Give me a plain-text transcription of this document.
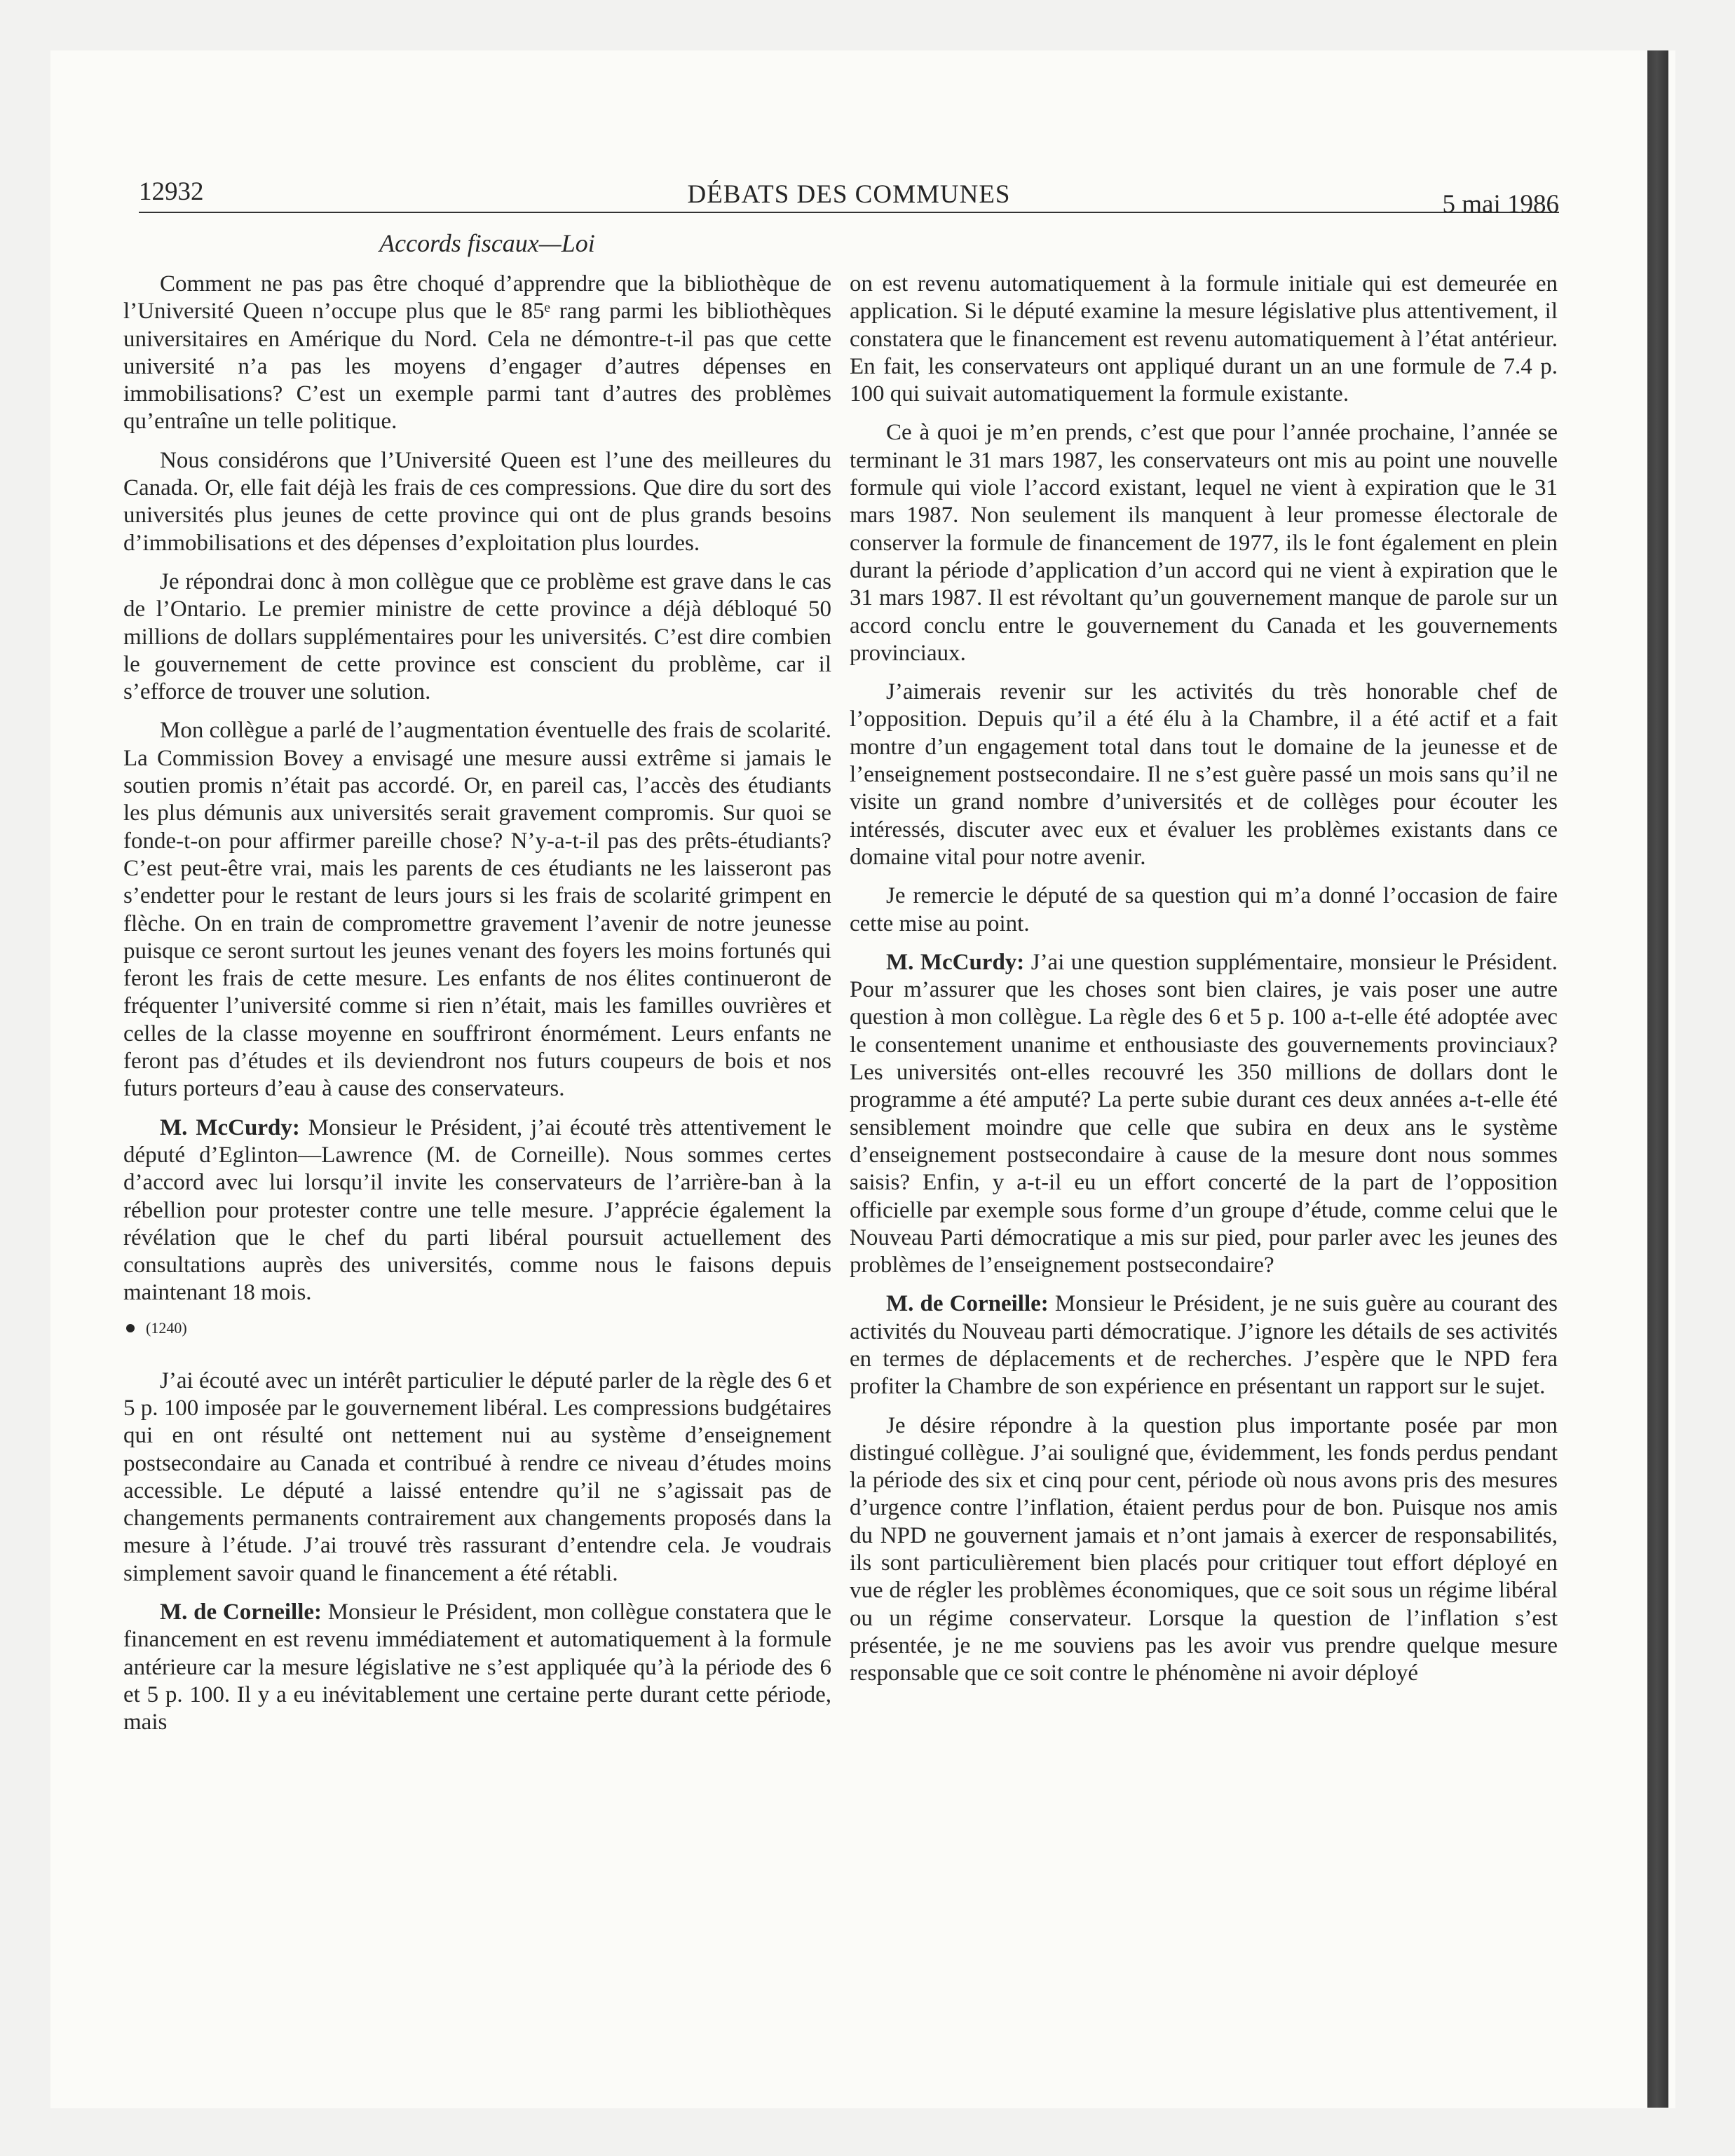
12932	DÉBATS DES COMMUNES	5 mai 1986
Accords fiscaux—Loi

Comment ne pas pas être choqué d’apprendre que la bibliothèque de l’Université Queen n’occupe plus que le 85ᵉ rang parmi les bibliothèques universitaires en Amérique du Nord. Cela ne démontre-t-il pas que cette université n’a pas les moyens d’engager d’autres dépenses en immobilisations? C’est un exemple parmi tant d’autres des problèmes qu’entraîne un telle politique.

Nous considérons que l’Université Queen est l’une des meilleures du Canada. Or, elle fait déjà les frais de ces compressions. Que dire du sort des universités plus jeunes de cette province qui ont de plus grands besoins d’immobilisations et des dépenses d’exploitation plus lourdes.

Je répondrai donc à mon collègue que ce problème est grave dans le cas de l’Ontario. Le premier ministre de cette province a déjà débloqué 50 millions de dollars supplémentaires pour les universités. C’est dire combien le gouvernement de cette province est conscient du problème, car il s’efforce de trouver une solution.

Mon collègue a parlé de l’augmentation éventuelle des frais de scolarité. La Commission Bovey a envisagé une mesure aussi extrême si jamais le soutien promis n’était pas accordé. Or, en pareil cas, l’accès des étudiants les plus démunis aux universités serait gravement compromis. Sur quoi se fonde-t-on pour affirmer pareille chose? N’y-a-t-il pas des prêts-étudiants? C’est peut-être vrai, mais les parents de ces étudiants ne les laisseront pas s’endetter pour le restant de leurs jours si les frais de scolarité grimpent en flèche. On en train de compromettre gravement l’avenir de notre jeunesse puisque ce seront surtout les jeunes venant des foyers les moins fortunés qui feront les frais de cette mesure. Les enfants de nos élites continueront de fréquenter l’université comme si rien n’était, mais les familles ouvrières et celles de la classe moyenne en souffriront énormément. Leurs enfants ne feront pas d’études et ils deviendront nos futurs coupeurs de bois et nos futurs porteurs d’eau à cause des conservateurs.

M. McCurdy: Monsieur le Président, j’ai écouté très attentivement le député d’Eglinton—Lawrence (M. de Corneille). Nous sommes certes d’accord avec lui lorsqu’il invite les conservateurs de l’arrière-ban à la rébellion pour protester contre une telle mesure. J’apprécie également la révélation que le chef du parti libéral poursuit actuellement des consultations auprès des universités, comme nous le faisons depuis maintenant 18 mois.

(1240)

J’ai écouté avec un intérêt particulier le député parler de la règle des 6 et 5 p. 100 imposée par le gouvernement libéral. Les compressions budgétaires qui en ont résulté ont nettement nui au système d’enseignement postsecondaire au Canada et contribué à rendre ce niveau d’études moins accessible. Le député a laissé entendre qu’il ne s’agissait pas de changements permanents contrairement aux changements proposés dans la mesure à l’étude. J’ai trouvé très rassurant d’entendre cela. Je voudrais simplement savoir quand le financement a été rétabli.

M. de Corneille: Monsieur le Président, mon collègue constatera que le financement en est revenu immédiatement et automatiquement à la formule antérieure car la mesure législative ne s’est appliquée qu’à la période des 6 et 5 p. 100. Il y a eu inévitablement une certaine perte durant cette période, mais

on est revenu automatiquement à la formule initiale qui est demeurée en application. Si le député examine la mesure législative plus attentivement, il constatera que le financement est revenu automatiquement à l’état antérieur. En fait, les conservateurs ont appliqué durant un an une formule de 7.4 p. 100 qui suivait automatiquement la formule existante.

Ce à quoi je m’en prends, c’est que pour l’année prochaine, l’année se terminant le 31 mars 1987, les conservateurs ont mis au point une nouvelle formule qui viole l’accord existant, lequel ne vient à expiration que le 31 mars 1987. Non seulement ils manquent à leur promesse électorale de conserver la formule de financement de 1977, ils le font également en plein durant la période d’application d’un accord qui ne vient à expiration que le 31 mars 1987. Il est révoltant qu’un gouvernement manque de parole sur un accord conclu entre le gouvernement du Canada et les gouvernements provinciaux.

J’aimerais revenir sur les activités du très honorable chef de l’opposition. Depuis qu’il a été élu à la Chambre, il a été actif et a fait montre d’un engagement total dans tout le domaine de la jeunesse et de l’enseignement postsecondaire. Il ne s’est guère passé un mois sans qu’il ne visite un grand nombre d’universités et de collèges pour écouter les intéressés, discuter avec eux et évaluer les problèmes existants dans ce domaine vital pour notre avenir.

Je remercie le député de sa question qui m’a donné l’occasion de faire cette mise au point.

M. McCurdy: J’ai une question supplémentaire, monsieur le Président. Pour m’assurer que les choses sont bien claires, je vais poser une autre question à mon collègue. La règle des 6 et 5 p. 100 a-t-elle été adoptée avec le consentement unanime et enthousiaste des gouvernements provinciaux? Les universités ont-elles recouvré les 350 millions de dollars dont le programme a été amputé? La perte subie durant ces deux années a-t-elle été sensiblement moindre que celle que subira en deux ans le système d’enseignement postsecondaire à cause de la mesure dont nous sommes saisis? Enfin, y a-t-il eu un effort concerté de la part de l’opposition officielle par exemple sous forme d’un groupe d’étude, comme celui que le Nouveau Parti démocratique a mis sur pied, pour parler avec les jeunes des problèmes de l’enseignement postsecondaire?

M. de Corneille: Monsieur le Président, je ne suis guère au courant des activités du Nouveau parti démocratique. J’ignore les détails de ses activités en termes de déplacements et de recherches. J’espère que le NPD fera profiter la Chambre de son expérience en présentant un rapport sur le sujet.

Je désire répondre à la question plus importante posée par mon distingué collègue. J’ai souligné que, évidemment, les fonds perdus pendant la période des six et cinq pour cent, période où nous avons pris des mesures d’urgence contre l’inflation, étaient perdus pour de bon. Puisque nos amis du NPD ne gouvernent jamais et n’ont jamais à exercer de responsabilités, ils sont particulièrement bien placés pour critiquer tout effort déployé en vue de régler les problèmes économiques, que ce soit sous un régime libéral ou un régime conservateur. Lorsque la question de l’inflation s’est présentée, je ne me souviens pas les avoir vus prendre quelque mesure responsable que ce soit contre le phénomène ni avoir déployé
